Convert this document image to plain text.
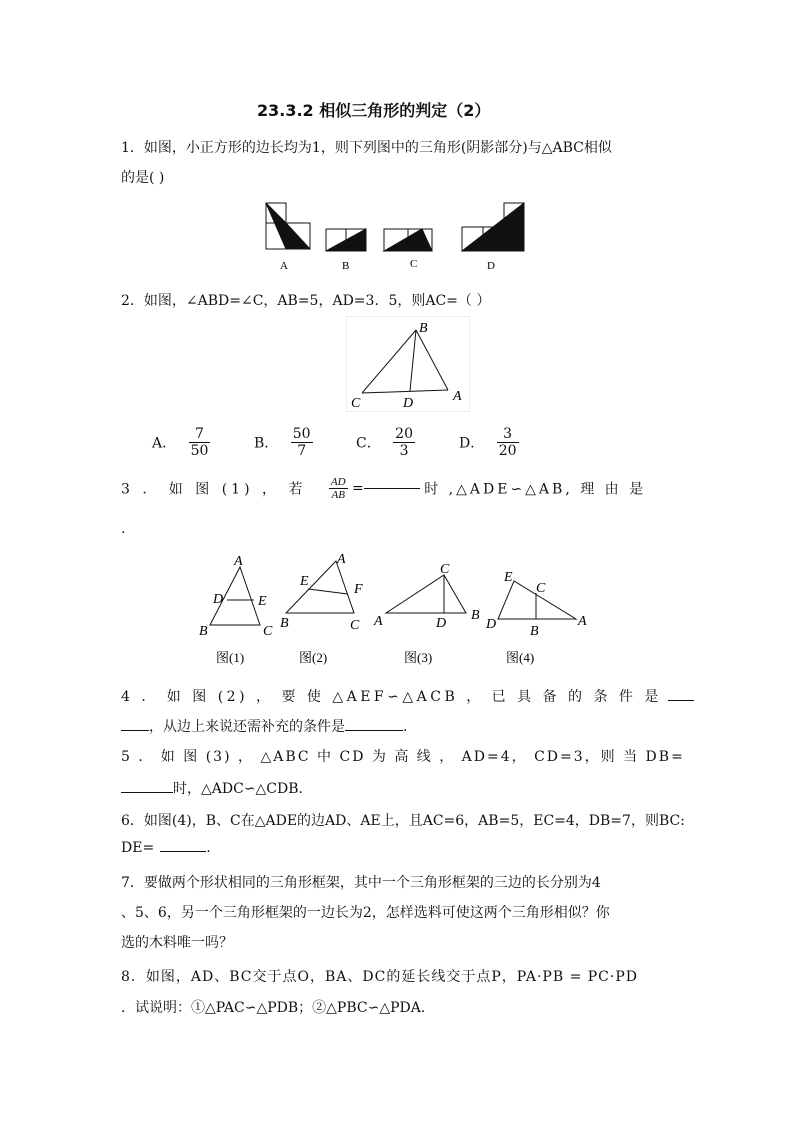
23.3.2 相似三角形的判定（2）
1．如图，小正方形的边长均为1，则下列图中的三角形(阴影部分)与△ABC相似
的是( )
A	B	C	D
2．如图，∠ABD=∠C，AB=5，AD=3．5，则AC=（ ）
B
C	D	A
A． $\frac{7}{50}$	B． $\frac{50}{7}$	C． $\frac{20}{3}$	D． $\frac{3}{20}$
3 ． 如 图 (1) ， 若 $\frac{AD}{AB}$ =	时 ,△ADE∽△AB, 理 由 是
.
A
D E
B	C
图(1)
A
E
F
B	C
图(2)
C
A	D
B
图(3)
E
C
D B
A
图(4)
4 ． 如 图 (2) ， 要 使 △AEF∽△ACB ， 已 具 备 的 条 件 是
，从边上来说还需补充的条件是	.
5 ． 如 图 (3) ， △ABC 中 CD 为 高 线 ， AD=4， CD=3，则 当 DB=
时，△ADC∽△CDB.
6．如图(4)，B、C在△ADE的边AD、AE上，且AC=6，AB=5，EC=4，DB=7，则BC:
DE=	.
7．要做两个形状相同的三角形框架，其中一个三角形框架的三边的长分别为4
、5、6，另一个三角形框架的一边长为2，怎样选料可使这两个三角形相似？你
选的木料唯一吗？
8．如图，AD、BC交于点O，BA、DC的延长线交于点P，PA·PB = PC·PD
．试说明：①△PAC∽△PDB；②△PBC∽△PDA.
